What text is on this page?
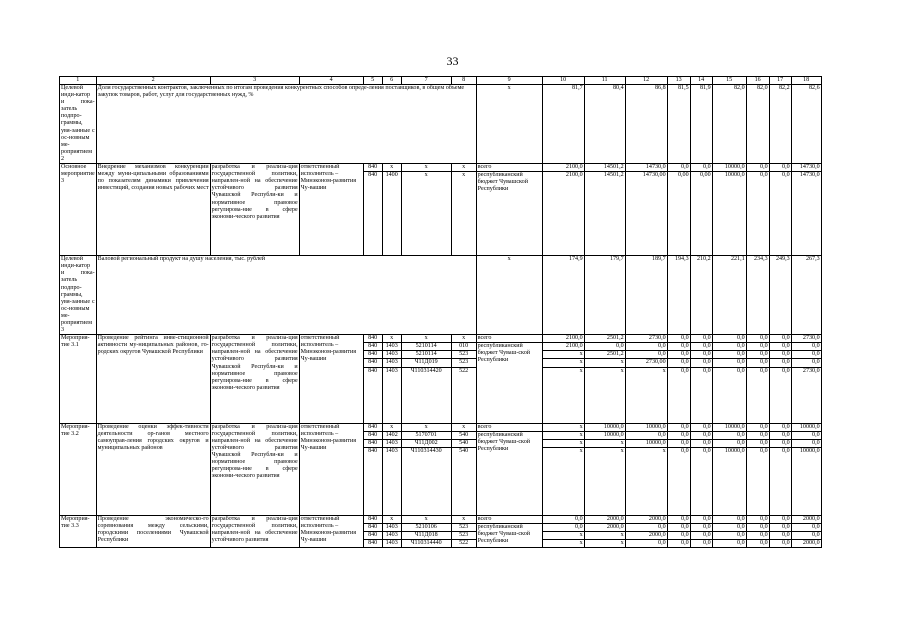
33
1	2	3	4	5	6	7	8	9	10	11	12	13	14	15	16	17	18
Целевой инди-катор и пока-затель подпро-граммы, увя-занные с ос-новным ме-роприятием 2	Доля государственных контрактов, заключенных по итогам проведения конкурентных способов опреде-ления поставщиков, в общем объеме закупок товаров, работ, услуг для государственных нужд, %							x	81,7	80,4	86,8	81,5	81,9	82,0	82,0	82,2	82,6
Основное мероприятие 3	Внедрение механизмов конкуренции между муни-ципальными образованиями по показателям динамики привлечения инвестиций, создания новых рабочих мест	разработка и реализа-ция государственной политики, направлен-ной на обеспечение устойчивого развития Чувашской Республи-ки и нормативное правовое регулирова-ние в сфере экономи-ческого развития	ответственный исполнитель – Минэконом-развития Чу-вашии	840	x	x	x	всего	2100,0	14501,2	14730,0	0,0	0,0	10000,0	0,0	0,0	14730,0
				840	1400	x	x	республиканский бюджет Чувашской Республики	2100,0	14501,2	14730,00	0,00	0,00	10000,0	0,0	0,0	14730,0
Целевой инди-катор и пока-затель подпро-граммы, увя-занные с ос-новным ме-роприятием 3	Валовой региональный продукт на душу населения, тыс. рублей							x	174,9	179,7	189,7	194,3	210,2	221,1	234,3	249,3	267,3
Мероприя-тие 3.1	Проведение рейтинга инве-стиционной активности му-ниципальных районов, го-родских округов Чувашской Республики	разработка и реализа-ция государственной политики, направлен-ной на обеспечение устойчивого развития Чувашской Республи-ки и нормативное правовое регулирова-ние в сфере экономи-ческого развития	ответственный исполнитель – Минэконом-развития Чу-вашии	840	x	x	x	всего	2100,0	2501,2	2730,0	0,0	0,0	0,0	0,0	0,0	2730,0
				840	1403	5210114	010	республиканский бюджет Чуваш-ской Республики	2100,0	0,0	0,0	0,0	0,0	0,0	0,0	0,0	0,0
				840	1403	5210114	523		x	2501,2	0,0	0,0	0,0	0,0	0,0	0,0	0,0
				840	1403	Ч11Д019	523		x	x	2730,00	0,0	0,0	0,0	0,0	0,0	0,0
				840	1403	Ч110314420	522		x	x	x	0,0	0,0	0,0	0,0	0,0	2730,0
Мероприя-тие 3.2	Проведение оценки эффек-тивности деятельности ор-ганов местного самоуправ-ления городских округов и муниципальных районов	разработка и реализа-ция государственной политики, направлен-ной на обеспечение устойчивого развития Чувашской Республи-ки и нормативное правовое регулирова-ние в сфере экономи-ческого развития	ответственный исполнитель – Минэконом-развития Чу-вашии	840	x	x	x	всего	x	10000,0	10000,0	0,0	0,0	10000,0	0,0	0,0	10000,0
				840	1402	5170701	540	республиканский бюджет Чуваш-ской Республики	x	10000,0	0,0	0,0	0,0	0,0	0,0	0,0	0,0
				840	1403	Ч11Д002	540		x	x	10000,0	0,0	0,0	0,0	0,0	0,0	0,0
				840	1403	Ч110314430	540		x	x	x	0,0	0,0	10000,0	0,0	0,0	10000,0
Мероприя-тие 3.3	Проведение экономическо-го соревнования между сельскими, городскими поселениями Чувашской Республики	разработка и реализа-ция государственной политики, направлен-ной на обеспечение устойчивого развития	ответственный исполнитель – Минэконом-развития Чу-вашии	840	x	x	x	всего	0,0	2000,0	2000,0	0,0	0,0	0,0	0,0	0,0	2000,0
				840	1403	5210106	523	республиканский бюджет Чуваш-ской Республики	0,0	2000,0	0,0	0,0	0,0	0,0	0,0	0,0	0,0
				840	1403	Ч11Д018	523		x	x	2000,0	0,0	0,0	0,0	0,0	0,0	0,0
				840	1403	Ч110314440	522		x	x	0,0	0,0	0,0	0,0	0,0	0,0	2000,0
